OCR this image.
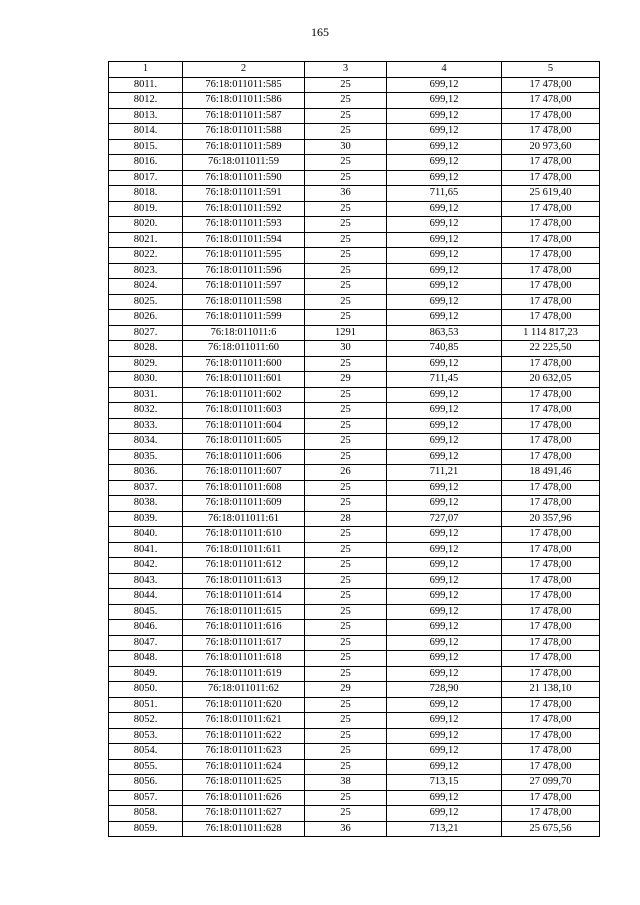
165
1	2	3	4	5
8011.	76:18:011011:585	25	699,12	17 478,00
8012.	76:18:011011:586	25	699,12	17 478,00
8013.	76:18:011011:587	25	699,12	17 478,00
8014.	76:18:011011:588	25	699,12	17 478,00
8015.	76:18:011011:589	30	699,12	20 973,60
8016.	76:18:011011:59	25	699,12	17 478,00
8017.	76:18:011011:590	25	699,12	17 478,00
8018.	76:18:011011:591	36	711,65	25 619,40
8019.	76:18:011011:592	25	699,12	17 478,00
8020.	76:18:011011:593	25	699,12	17 478,00
8021.	76:18:011011:594	25	699,12	17 478,00
8022.	76:18:011011:595	25	699,12	17 478,00
8023.	76:18:011011:596	25	699,12	17 478,00
8024.	76:18:011011:597	25	699,12	17 478,00
8025.	76:18:011011:598	25	699,12	17 478,00
8026.	76:18:011011:599	25	699,12	17 478,00
8027.	76:18:011011:6	1291	863,53	1 114 817,23
8028.	76:18:011011:60	30	740,85	22 225,50
8029.	76:18:011011:600	25	699,12	17 478,00
8030.	76:18:011011:601	29	711,45	20 632,05
8031.	76:18:011011:602	25	699,12	17 478,00
8032.	76:18:011011:603	25	699,12	17 478,00
8033.	76:18:011011:604	25	699,12	17 478,00
8034.	76:18:011011:605	25	699,12	17 478,00
8035.	76:18:011011:606	25	699,12	17 478,00
8036.	76:18:011011:607	26	711,21	18 491,46
8037.	76:18:011011:608	25	699,12	17 478,00
8038.	76:18:011011:609	25	699,12	17 478,00
8039.	76:18:011011:61	28	727,07	20 357,96
8040.	76:18:011011:610	25	699,12	17 478,00
8041.	76:18:011011:611	25	699,12	17 478,00
8042.	76:18:011011:612	25	699,12	17 478,00
8043.	76:18:011011:613	25	699,12	17 478,00
8044.	76:18:011011:614	25	699,12	17 478,00
8045.	76:18:011011:615	25	699,12	17 478,00
8046.	76:18:011011:616	25	699,12	17 478,00
8047.	76:18:011011:617	25	699,12	17 478,00
8048.	76:18:011011:618	25	699,12	17 478,00
8049.	76:18:011011:619	25	699,12	17 478,00
8050.	76:18:011011:62	29	728,90	21 138,10
8051.	76:18:011011:620	25	699,12	17 478,00
8052.	76:18:011011:621	25	699,12	17 478,00
8053.	76:18:011011:622	25	699,12	17 478,00
8054.	76:18:011011:623	25	699,12	17 478,00
8055.	76:18:011011:624	25	699,12	17 478,00
8056.	76:18:011011:625	38	713,15	27 099,70
8057.	76:18:011011:626	25	699,12	17 478,00
8058.	76:18:011011:627	25	699,12	17 478,00
8059.	76:18:011011:628	36	713,21	25 675,56
